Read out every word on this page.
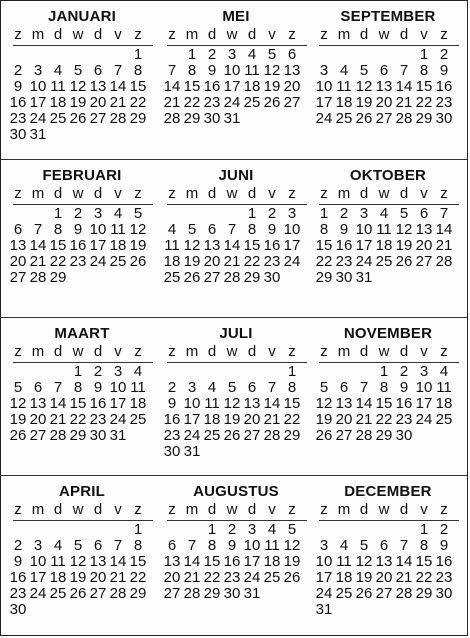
JANUARI
z m d w d v z
1
2 3 4 5 6 7 8
9 10 11 12 13 14 15
16 17 18 19 20 21 22
23 24 25 26 27 28 29
30 31
MEI
z m d w d v z
1 2 3 4 5 6
7 8 9 10 11 12 13
14 15 16 17 18 19 20
21 22 23 24 25 26 27
28 29 30 31
SEPTEMBER
z m d w d v z
1 2
3 4 5 6 7 8 9
10 11 12 13 14 15 16
17 18 19 20 21 22 23
24 25 26 27 28 29 30
FEBRUARI
z m d w d v z
1 2 3 4 5
6 7 8 9 10 11 12
13 14 15 16 17 18 19
20 21 22 23 24 25 26
27 28 29
JUNI
z m d w d v z
1 2 3
4 5 6 7 8 9 10
11 12 13 14 15 16 17
18 19 20 21 22 23 24
25 26 27 28 29 30
OKTOBER
z m d w d v z
1 2 3 4 5 6 7
8 9 10 11 12 13 14
15 16 17 18 19 20 21
22 23 24 25 26 27 28
29 30 31
MAART
z m d w d v z
1 2 3 4
5 6 7 8 9 10 11
12 13 14 15 16 17 18
19 20 21 22 23 24 25
26 27 28 29 30 31
JULI
z m d w d v z
1
2 3 4 5 6 7 8
9 10 11 12 13 14 15
16 17 18 19 20 21 22
23 24 25 26 27 28 29
30 31
NOVEMBER
z m d w d v z
1 2 3 4
5 6 7 8 9 10 11
12 13 14 15 16 17 18
19 20 21 22 23 24 25
26 27 28 29 30
APRIL
z m d w d v z
1
2 3 4 5 6 7 8
9 10 11 12 13 14 15
16 17 18 19 20 21 22
23 24 25 26 27 28 29
30
AUGUSTUS
z m d w d v z
1 2 3 4 5
6 7 8 9 10 11 12
13 14 15 16 17 18 19
20 21 22 23 24 25 26
27 28 29 30 31
DECEMBER
z m d w d v z
1 2
3 4 5 6 7 8 9
10 11 12 13 14 15 16
17 18 19 20 21 22 23
24 25 26 27 28 29 30
31
